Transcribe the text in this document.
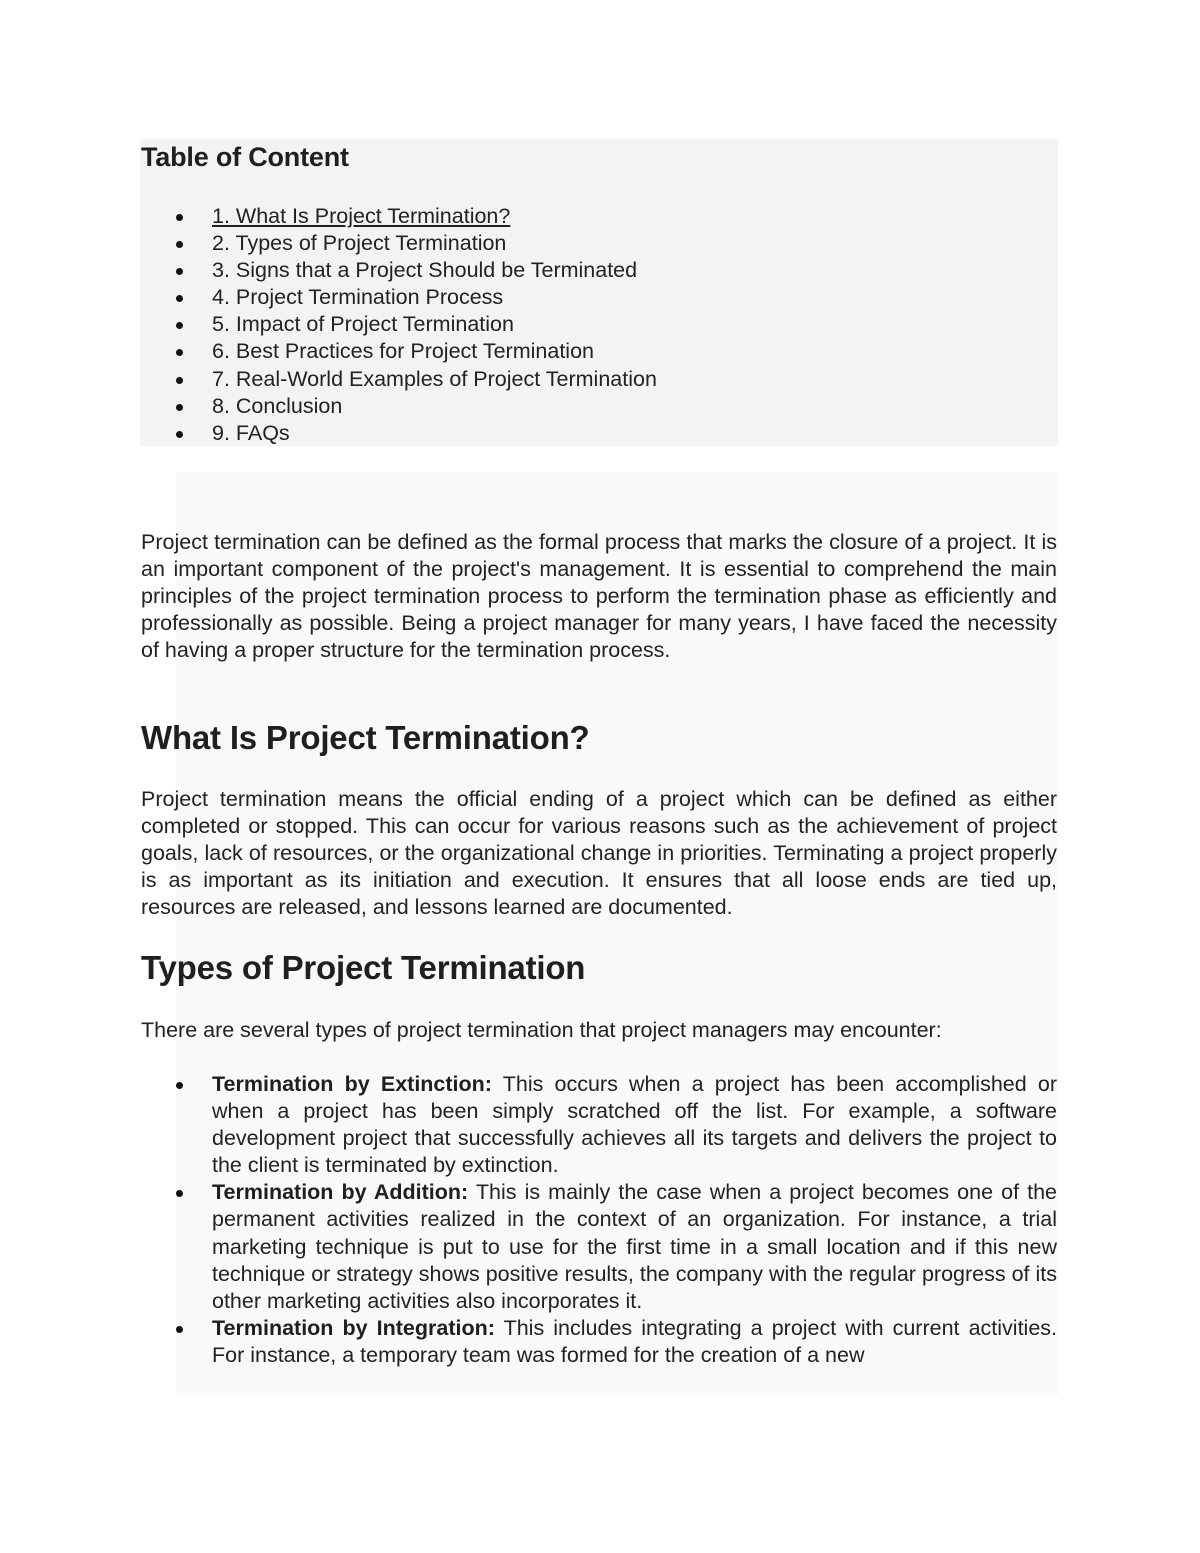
Table of Content
1. What Is Project Termination?
2. Types of Project Termination
3. Signs that a Project Should be Terminated
4. Project Termination Process
5. Impact of Project Termination
6. Best Practices for Project Termination
7. Real-World Examples of Project Termination
8. Conclusion
9. FAQs

Project termination can be defined as the formal process that marks the closure of a project. It is an important component of the project's management. It is essential to comprehend the main principles of the project termination process to perform the termination phase as efficiently and professionally as possible. Being a project manager for many years, I have faced the necessity of having a proper structure for the termination process.

What Is Project Termination?

Project termination means the official ending of a project which can be defined as either completed or stopped. This can occur for various reasons such as the achievement of project goals, lack of resources, or the organizational change in priorities. Terminating a project properly is as important as its initiation and execution. It ensures that all loose ends are tied up, resources are released, and lessons learned are documented.

Types of Project Termination

There are several types of project termination that project managers may encounter:

Termination by Extinction: This occurs when a project has been accomplished or when a project has been simply scratched off the list. For example, a software development project that successfully achieves all its targets and delivers the project to the client is terminated by extinction.
Termination by Addition: This is mainly the case when a project becomes one of the permanent activities realized in the context of an organization. For instance, a trial marketing technique is put to use for the first time in a small location and if this new technique or strategy shows positive results, the company with the regular progress of its other marketing activities also incorporates it.
Termination by Integration: This includes integrating a project with current activities. For instance, a temporary team was formed for the creation of a new
